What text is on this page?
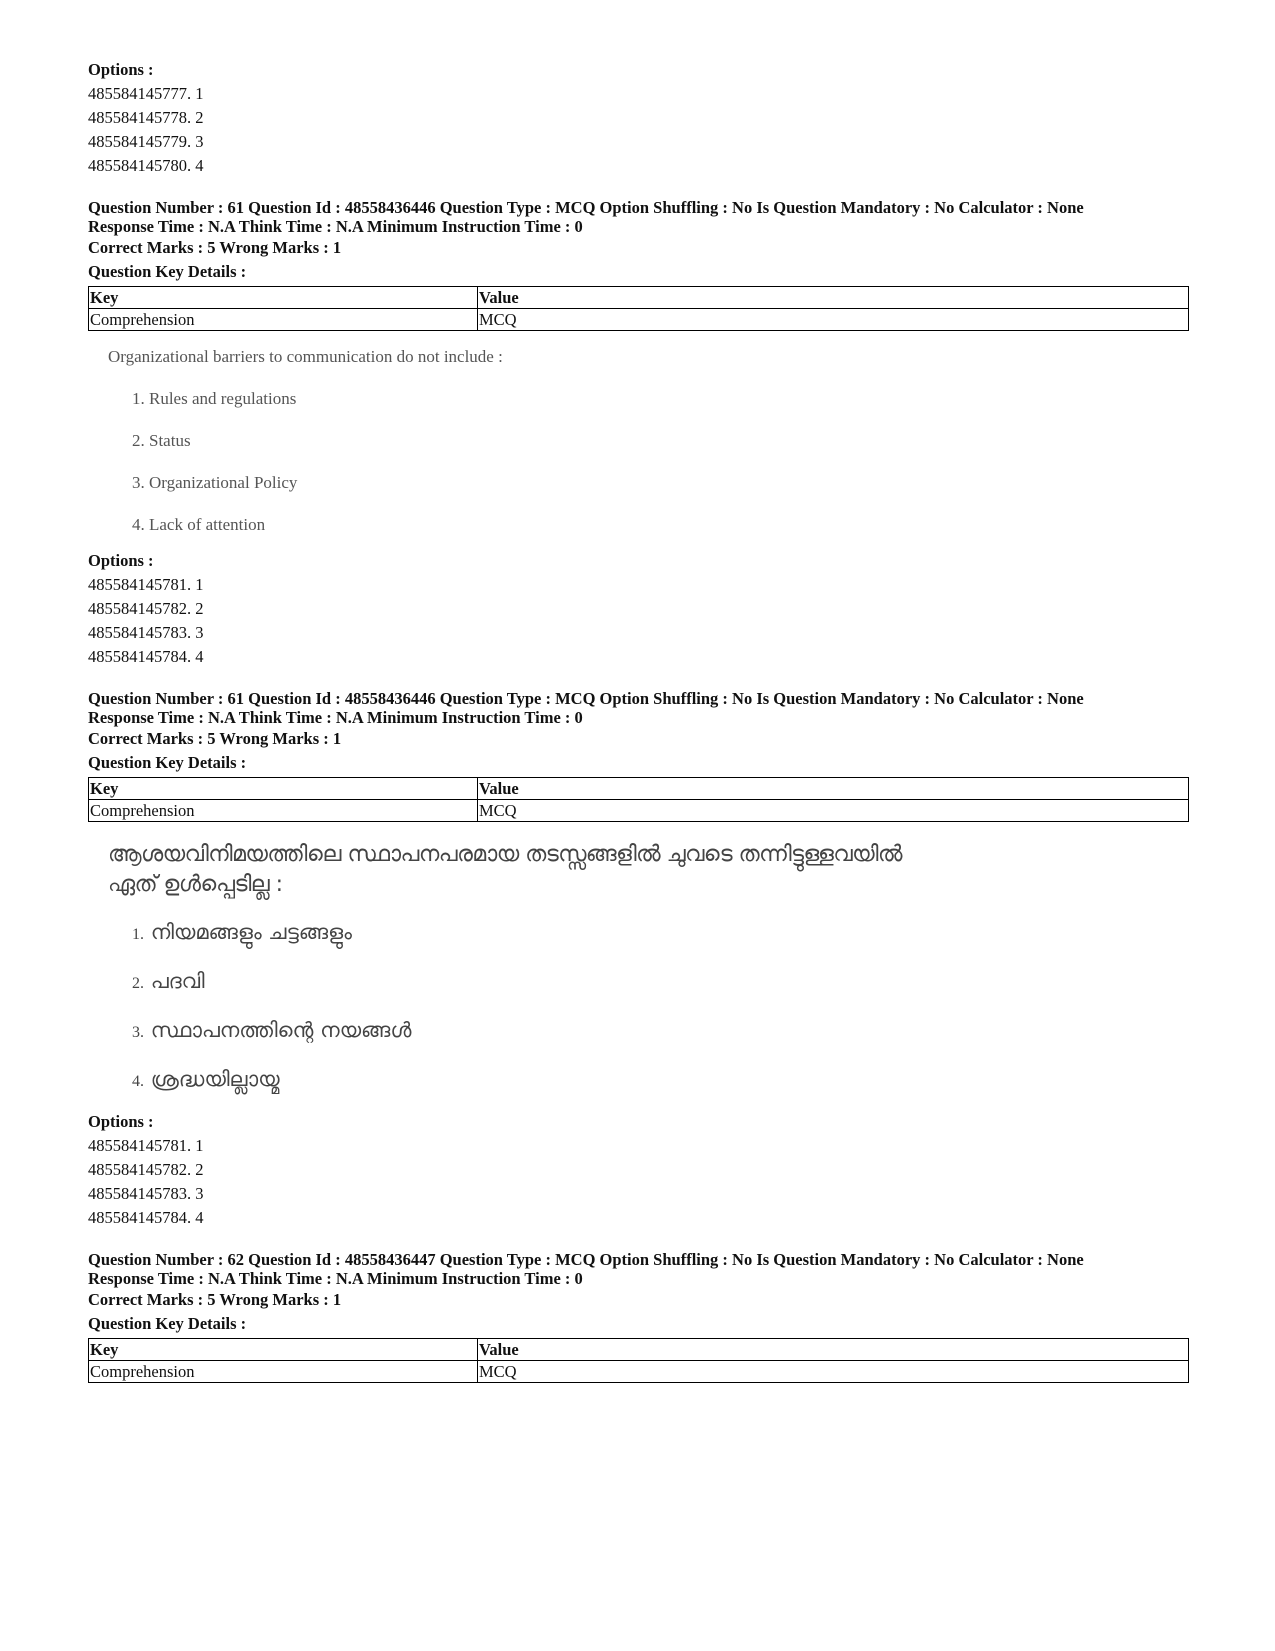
Options :
485584145777. 1
485584145778. 2
485584145779. 3
485584145780. 4
Question Number : 61 Question Id : 48558436446 Question Type : MCQ Option Shuffling : No Is Question Mandatory : No Calculator : None
Response Time : N.A Think Time : N.A Minimum Instruction Time : 0
Correct Marks : 5 Wrong Marks : 1
Question Key Details :
Key	Value
Comprehension	MCQ
Organizational barriers to communication do not include :
1. Rules and regulations
2. Status
3. Organizational Policy
4. Lack of attention
Options :
485584145781. 1
485584145782. 2
485584145783. 3
485584145784. 4
Question Number : 61 Question Id : 48558436446 Question Type : MCQ Option Shuffling : No Is Question Mandatory : No Calculator : None
Response Time : N.A Think Time : N.A Minimum Instruction Time : 0
Correct Marks : 5 Wrong Marks : 1
Question Key Details :
Key	Value
Comprehension	MCQ
ആശയവിനിമയത്തിലെ സ്ഥാപനപരമായ തടസ്സങ്ങളിൽ ചുവടെ തന്നിട്ടുള്ളവയിൽ
ഏത് ഉൾപ്പെടില്ല :
1. നിയമങ്ങളും ചട്ടങ്ങളും
2. പദവി
3. സ്ഥാപനത്തിന്റെ നയങ്ങൾ
4. ശ്രദ്ധയില്ലായ്മ
Options :
485584145781. 1
485584145782. 2
485584145783. 3
485584145784. 4
Question Number : 62 Question Id : 48558436447 Question Type : MCQ Option Shuffling : No Is Question Mandatory : No Calculator : None
Response Time : N.A Think Time : N.A Minimum Instruction Time : 0
Correct Marks : 5 Wrong Marks : 1
Question Key Details :
Key	Value
Comprehension	MCQ
